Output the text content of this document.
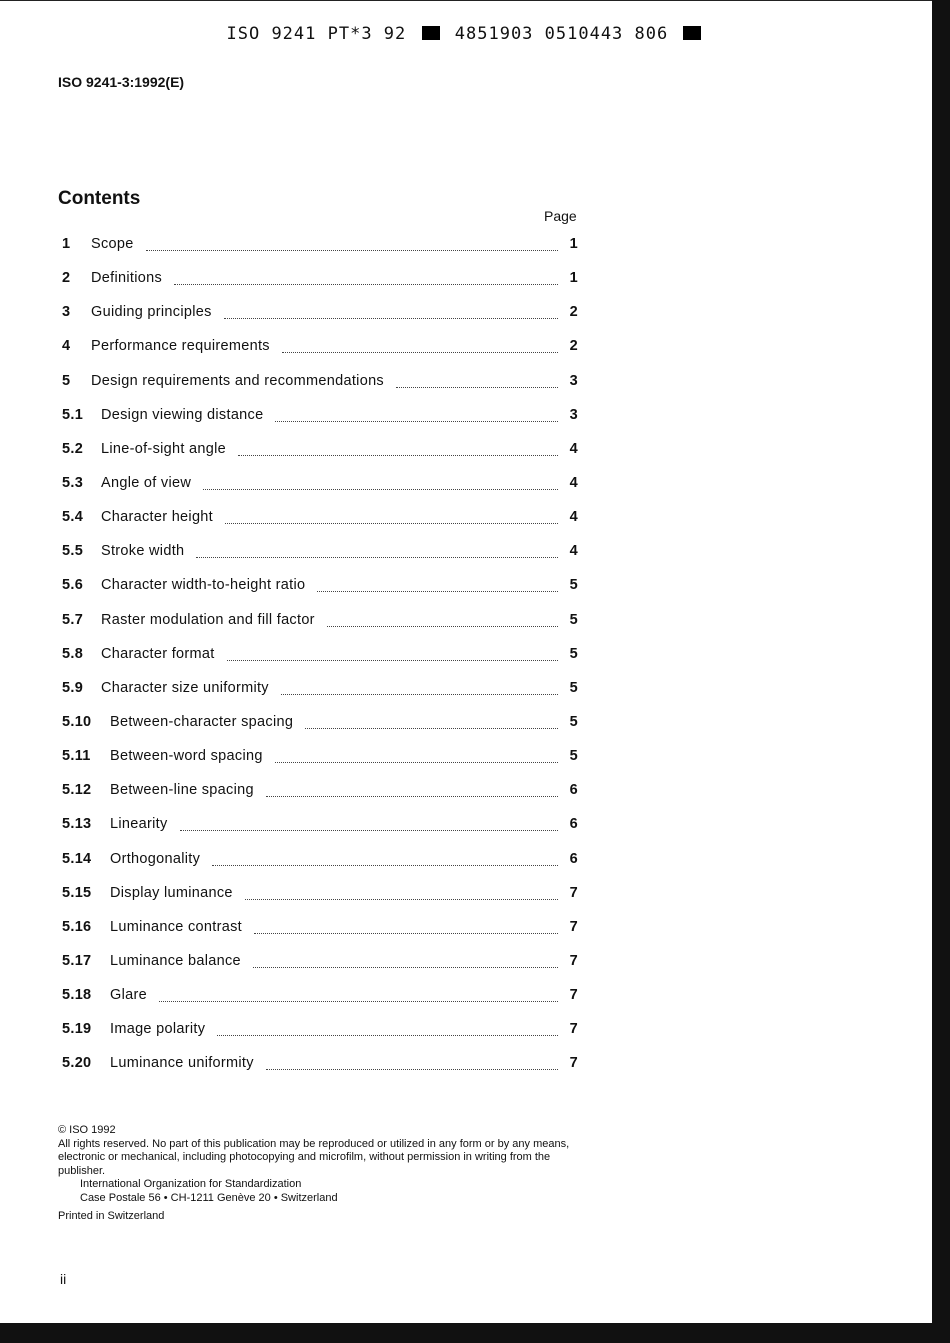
ISO 9241 PT*3 92	4851903 0510443 806
ISO 9241-3:1992(E)
Contents
Page
1	Scope	1
2	Definitions	1
3	Guiding principles	2
4	Performance requirements	2
5	Design requirements and recommendations	3
5.1	Design viewing distance	3
5.2	Line-of-sight angle	4
5.3	Angle of view	4
5.4	Character height	4
5.5	Stroke width	4
5.6	Character width-to-height ratio	5
5.7	Raster modulation and fill factor	5
5.8	Character format	5
5.9	Character size uniformity	5
5.10	Between-character spacing	5
5.11	Between-word spacing	5
5.12	Between-line spacing	6
5.13	Linearity	6
5.14	Orthogonality	6
5.15	Display luminance	7
5.16	Luminance contrast	7
5.17	Luminance balance	7
5.18	Glare	7
5.19	Image polarity	7
5.20	Luminance uniformity	7
© ISO 1992
All rights reserved. No part of this publication may be reproduced or utilized in any form or by any means, electronic or mechanical, including photocopying and microfilm, without permission in writing from the publisher.
International Organization for Standardization
Case Postale 56 • CH-1211 Genève 20 • Switzerland
Printed in Switzerland
ii
